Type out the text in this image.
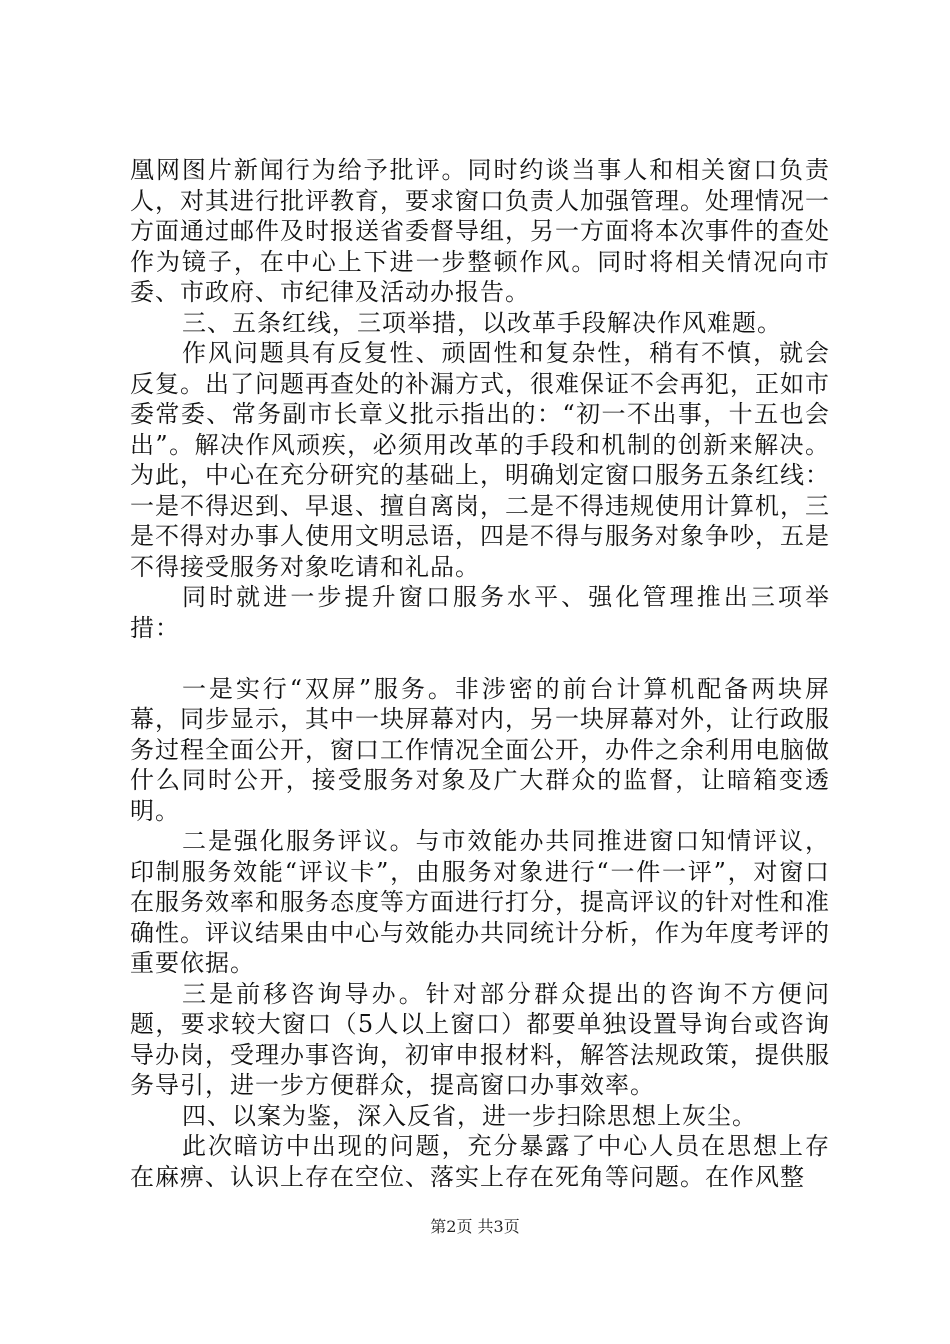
凰网图片新闻行为给予批评。同时约谈当事人和相关窗口负责人，对其进行批评教育，要求窗口负责人加强管理。处理情况一方面通过邮件及时报送省委督导组，另一方面将本次事件的查处作为镜子，在中心上下进一步整顿作风。同时将相关情况向市委、市政府、市纪律及活动办报告。

三、五条红线，三项举措，以改革手段解决作风难题。

作风问题具有反复性、顽固性和复杂性，稍有不慎，就会反复。出了问题再查处的补漏方式，很难保证不会再犯，正如市委常委、常务副市长章义批示指出的：“初一不出事，十五也会出”。解决作风顽疾，必须用改革的手段和机制的创新来解决。为此，中心在充分研究的基础上，明确划定窗口服务五条红线：一是不得迟到、早退、擅自离岗，二是不得违规使用计算机，三是不得对办事人使用文明忌语，四是不得与服务对象争吵，五是不得接受服务对象吃请和礼品。

同时就进一步提升窗口服务水平、强化管理推出三项举措：

一是实行“双屏”服务。非涉密的前台计算机配备两块屏幕，同步显示，其中一块屏幕对内，另一块屏幕对外，让行政服务过程全面公开，窗口工作情况全面公开，办件之余利用电脑做什么同时公开，接受服务对象及广大群众的监督，让暗箱变透明。

二是强化服务评议。与市效能办共同推进窗口知情评议，印制服务效能“评议卡”，由服务对象进行“一件一评”，对窗口在服务效率和服务态度等方面进行打分，提高评议的针对性和准确性。评议结果由中心与效能办共同统计分析，作为年度考评的重要依据。

三是前移咨询导办。针对部分群众提出的咨询不方便问题，要求较大窗口（5人以上窗口）都要单独设置导询台或咨询导办岗，受理办事咨询，初审申报材料，解答法规政策，提供服务导引，进一步方便群众，提高窗口办事效率。

四、以案为鉴，深入反省，进一步扫除思想上灰尘。

此次暗访中出现的问题，充分暴露了中心人员在思想上存在麻痹、认识上存在空位、落实上存在死角等问题。在作风整

第2页 共3页
